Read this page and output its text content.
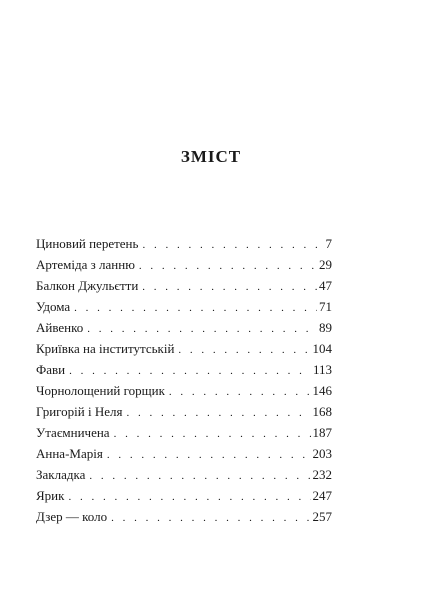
ЗМІСТ
Циновий перетень . . .	7
Артеміда з ланню . . .	29
Балкон Джульєтти . . .	47
Удома . . .	71
Айвенко . . .	89
Криївка на інститутській . . .	104
Фави . . .	113
Чорнолощений горщик . . .	146
Григорій і Неля . . .	168
Утаємничена . . .	187
Анна-Марія . . .	203
Закладка . . .	232
Ярик . . .	247
Дзер — коло . . .	257
